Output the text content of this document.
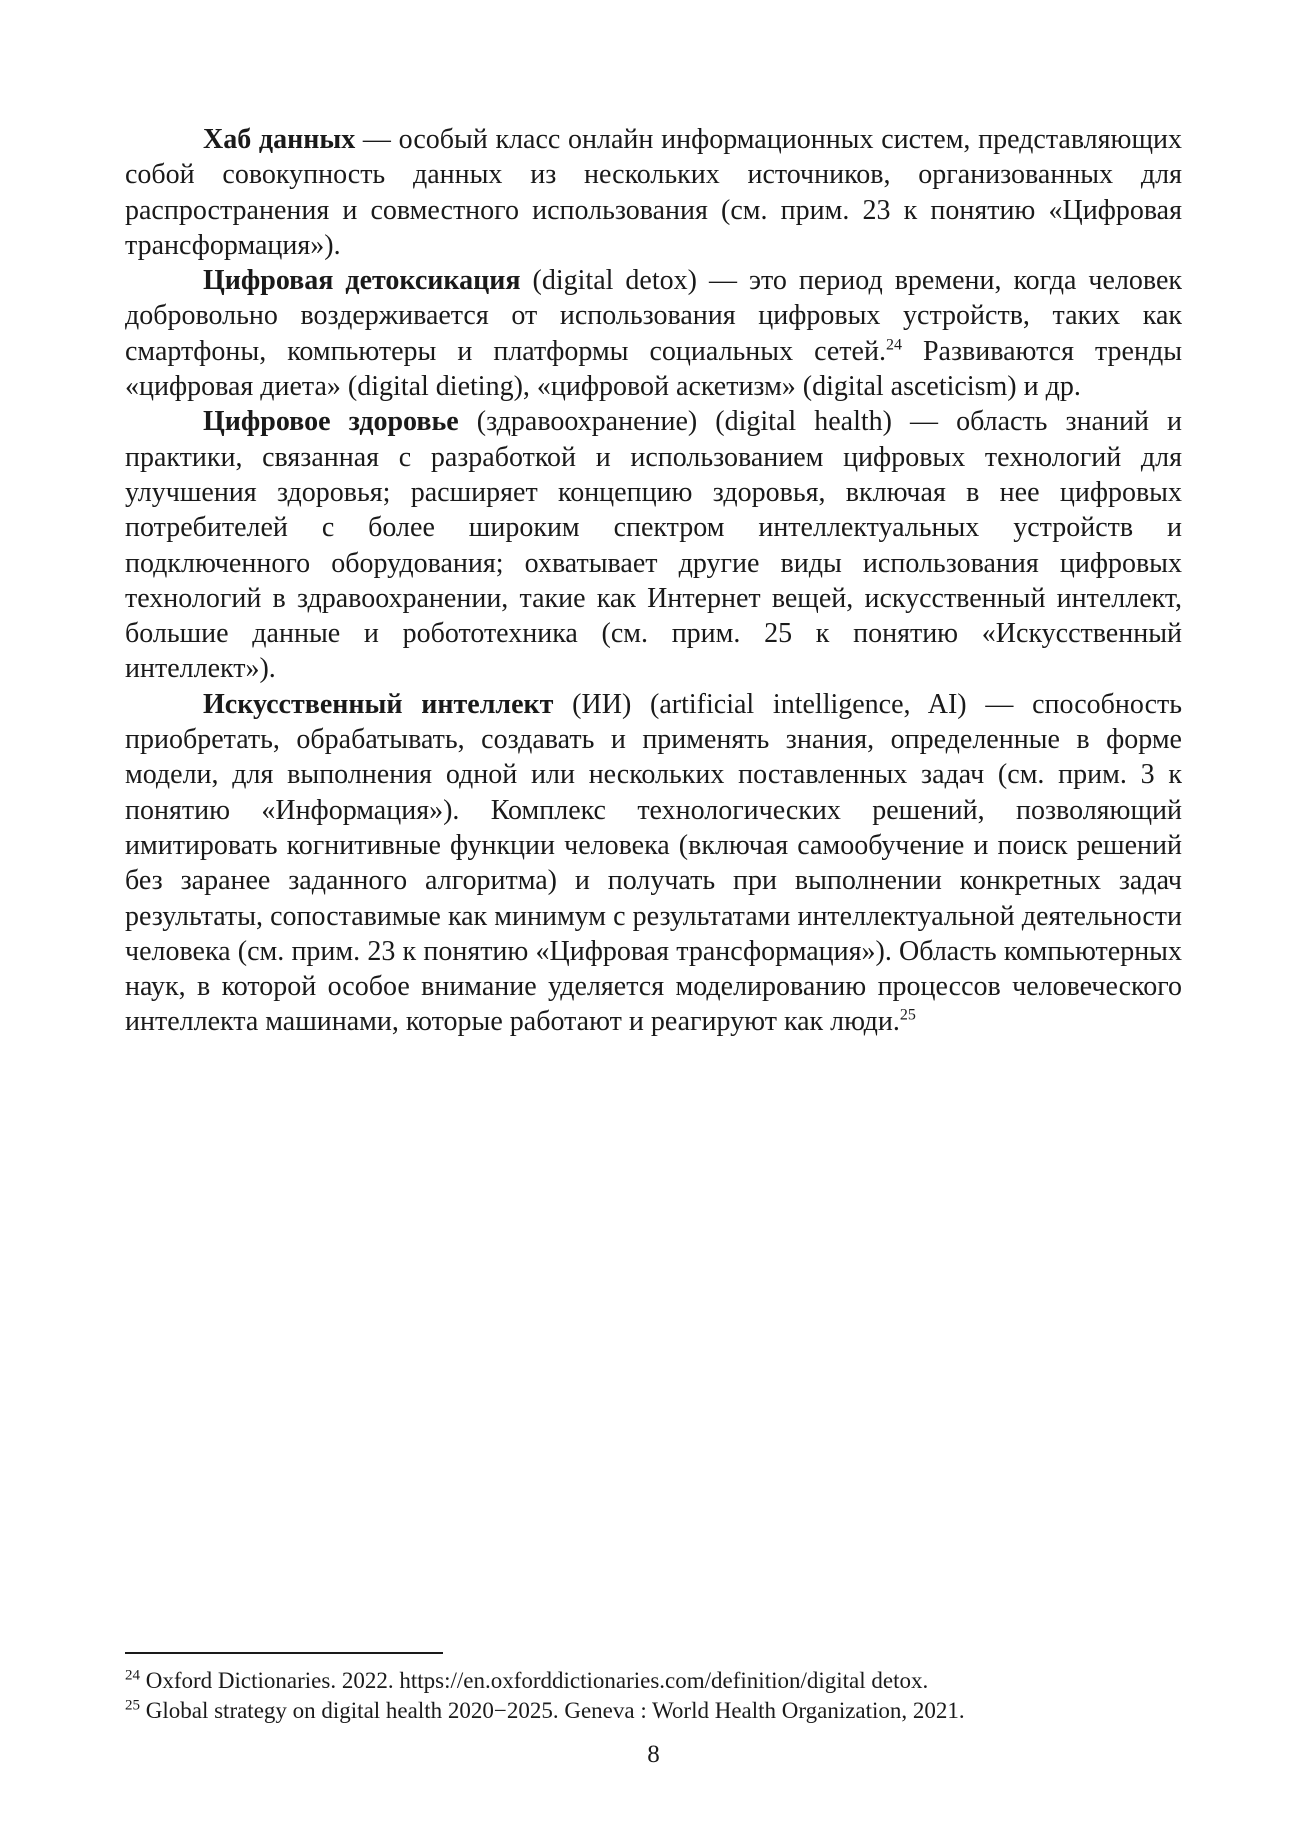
Хаб данных — особый класс онлайн информационных систем, представляющих собой совокупность данных из нескольких источников, организованных для распространения и совместного использования (см. прим. 23 к понятию «Цифровая трансформация»).

Цифровая детоксикация (digital detox) — это период времени, когда человек добровольно воздерживается от использования цифровых устройств, таких как смартфоны, компьютеры и платформы социальных сетей.$^{24}$ Развиваются тренды «цифровая диета» (digital dieting), «цифровой аскетизм» (digital asceticism) и др.

Цифровое здоровье (здравоохранение) (digital health) — область знаний и практики, связанная с разработкой и использованием цифровых технологий для улучшения здоровья; расширяет концепцию здоровья, включая в нее цифровых потребителей с более широким спектром интеллектуальных устройств и подключенного оборудования; охватывает другие виды использования цифровых технологий в здравоохранении, такие как Интернет вещей, искусственный интеллект, большие данные и робототехника (см. прим. 25 к понятию «Искусственный интеллект»).

Искусственный интеллект (ИИ) (artificial intelligence, AI) — способность приобретать, обрабатывать, создавать и применять знания, определенные в форме модели, для выполнения одной или нескольких поставленных задач (см. прим. 3 к понятию «Информация»). Комплекс технологических решений, позволяющий имитировать когнитивные функции человека (включая самообучение и поиск решений без заранее заданного алгоритма) и получать при выполнении конкретных задач результаты, сопоставимые как минимум с результатами интеллектуальной деятельности человека (см. прим. 23 к понятию «Цифровая трансформация»). Область компьютерных наук, в которой особое внимание уделяется моделированию процессов человеческого интеллекта машинами, которые работают и реагируют как люди.$^{25}$

$^{24}$ Oxford Dictionaries. 2022. https://en.oxforddictionaries.com/definition/digital detox.

$^{25}$ Global strategy on digital health 2020−2025. Geneva : World Health Organization, 2021.

8
